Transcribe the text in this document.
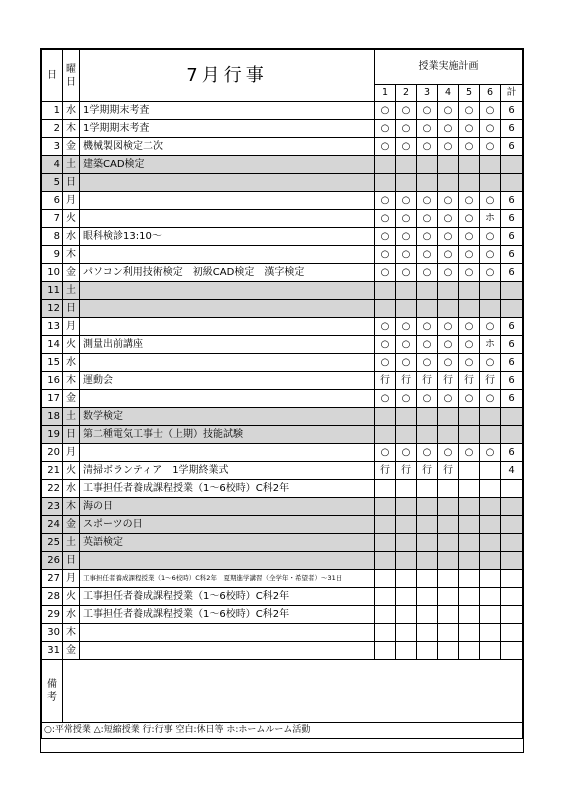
日	曜
日	7月行事	授業実施計画						
			1	2	3	4	5	6	計
1	水	1学期期末考査	○	○	○	○	○	○	6
2	木	1学期期末考査	○	○	○	○	○	○	6
3	金	機械製図検定二次	○	○	○	○	○	○	6
4	土	建築CAD検定							
5	日								
6	月		○	○	○	○	○	○	6
7	火		○	○	○	○	○	ホ	6
8	水	眼科検診13:10～	○	○	○	○	○	○	6
9	木		○	○	○	○	○	○	6
10	金	パソコン利用技術検定　初級CAD検定　漢字検定	○	○	○	○	○	○	6
11	土								
12	日								
13	月		○	○	○	○	○	○	6
14	火	測量出前講座	○	○	○	○	○	ホ	6
15	水		○	○	○	○	○	○	6
16	木	運動会	行	行	行	行	行	行	6
17	金		○	○	○	○	○	○	6
18	土	数学検定							
19	日	第二種電気工事士（上期）技能試験							
20	月		○	○	○	○	○	○	6
21	火	清掃ボランティア　1学期終業式	行	行	行	行			4
22	水	工事担任者養成課程授業（1～6校時）C科2年							
23	木	海の日							
24	金	スポーツの日							
25	土	英語検定							
26	日								
27	月	工事担任者養成課程授業（1～6校時）C科2年　夏期進学講習（全学年・希望者）～31日							
28	火	工事担任者養成課程授業（1～6校時）C科2年							
29	水	工事担任者養成課程授業（1～6校時）C科2年							
30	木								
31	金								
備
考									
○:平常授業 △:短縮授業 行:行事 空白:休日等 ホ:ホームルーム活動									
